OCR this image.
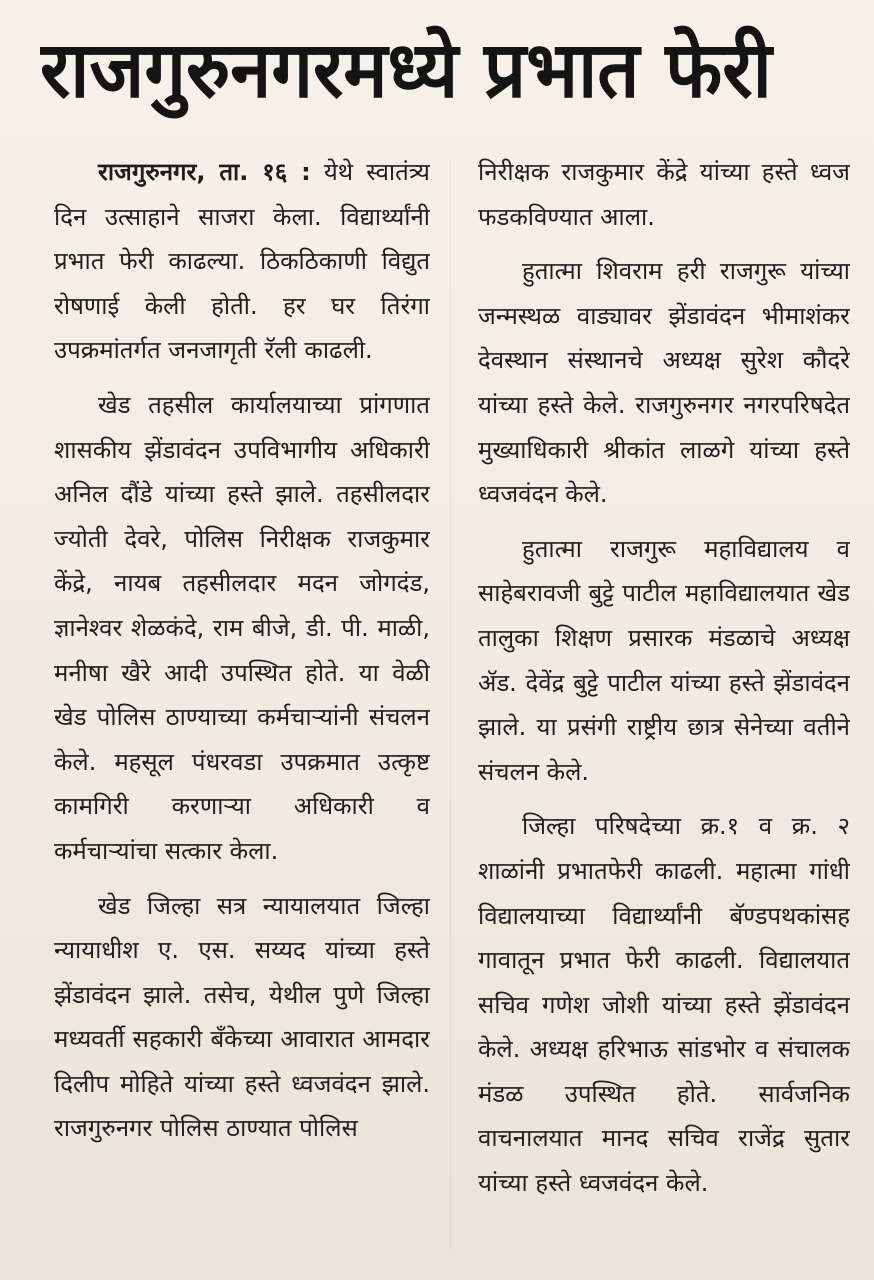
राजगुरुनगरमध्ये प्रभात फेरी

राजगुरुनगर, ता. १६ : येथे स्वातंत्र्य दिन उत्साहाने साजरा केला. विद्यार्थ्यांनी प्रभात फेरी काढल्या. ठिकठिकाणी विद्युत रोषणाई केली होती. हर घर तिरंगा उपक्रमांतर्गत जनजागृती रॅली काढली.

खेड तहसील कार्यालयाच्या प्रांगणात शासकीय झेंडावंदन उपविभागीय अधिकारी अनिल दौंडे यांच्या हस्ते झाले. तहसीलदार ज्योती देवरे, पोलिस निरीक्षक राजकुमार केंद्रे, नायब तहसीलदार मदन जोगदंड, ज्ञानेश्वर शेळकंदे, राम बीजे, डी. पी. माळी, मनीषा खैरे आदी उपस्थित होते. या वेळी खेड पोलिस ठाण्याच्या कर्मचाऱ्यांनी संचलन केले. महसूल पंधरवडा उपक्रमात उत्कृष्ट कामगिरी करणाऱ्या अधिकारी व कर्मचाऱ्यांचा सत्कार केला.

खेड जिल्हा सत्र न्यायालयात जिल्हा न्यायाधीश ए. एस. सय्यद यांच्या हस्ते झेंडावंदन झाले. तसेच, येथील पुणे जिल्हा मध्यवर्ती सहकारी बॅंकेच्या आवारात आमदार दिलीप मोहिते यांच्या हस्ते ध्वजवंदन झाले. राजगुरुनगर पोलिस ठाण्यात पोलिस

निरीक्षक राजकुमार केंद्रे यांच्या हस्ते ध्वज फडकविण्यात आला.

हुतात्मा शिवराम हरी राजगुरू यांच्या जन्मस्थळ वाड्यावर झेंडावंदन भीमाशंकर देवस्थान संस्थानचे अध्यक्ष सुरेश कौदरे यांच्या हस्ते केले. राजगुरुनगर नगरपरिषदेत मुख्याधिकारी श्रीकांत लाळगे यांच्या हस्ते ध्वजवंदन केले.

हुतात्मा राजगुरू महाविद्यालय व साहेबरावजी बुट्टे पाटील महाविद्यालयात खेड तालुका शिक्षण प्रसारक मंडळाचे अध्यक्ष ॲड. देवेंद्र बुट्टे पाटील यांच्या हस्ते झेंडावंदन झाले. या प्रसंगी राष्ट्रीय छात्र सेनेच्या वतीने संचलन केले.

जिल्हा परिषदेच्या क्र.१ व क्र. २ शाळांनी प्रभातफेरी काढली. महात्मा गांधी विद्यालयाच्या विद्यार्थ्यांनी बॅण्डपथकांसह गावातून प्रभात फेरी काढली. विद्यालयात सचिव गणेश जोशी यांच्या हस्ते झेंडावंदन केले. अध्यक्ष हरिभाऊ सांडभोर व संचालक मंडळ उपस्थित होते. सार्वजनिक वाचनालयात मानद सचिव राजेंद्र सुतार यांच्या हस्ते ध्वजवंदन केले.
